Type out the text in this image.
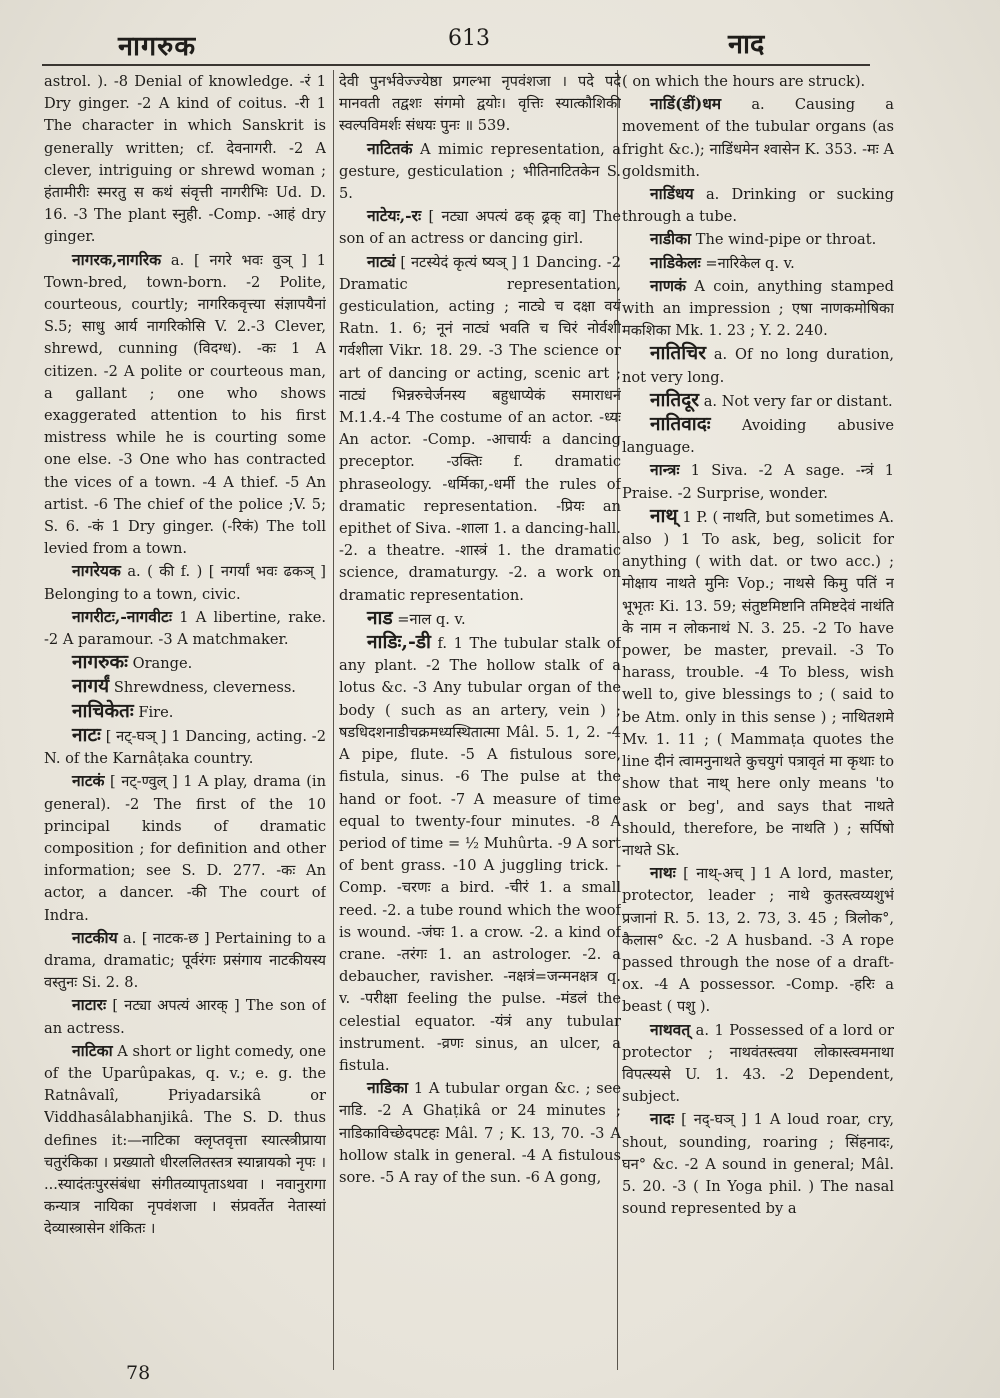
नागरुक	613	नाद

astrol. ). -8 Denial of knowledge. -रं 1 Dry ginger. -2 A kind of coitus. -री 1 The character in which Sanskrit is generally written; cf. देवनागरी. -2 A clever, intriguing or shrewd woman ; हंतामीरीः स्मरतु स कथं संवृत्ती नागरीभिः Ud. D. 16. -3 The plant स्नुही. -Comp. -आहं dry ginger.

नागरक,नागरिक a. [ नगरे भवः वुञ् ] 1 Town-bred, town-born. -2 Polite, courteous, courtly; नागरिकवृत्त्या संज्ञापयैनां S.5; साधु आर्य नागरिकोसि V. 2.-3 Clever, shrewd, cunning (विदग्ध). -कः 1 A citizen. -2 A polite or courteous man, a gallant ; one who shows exaggerated attention to his first mistress while he is courting some one else. -3 One who has contracted the vices of a town. -4 A thief. -5 An artist. -6 The chief of the police ;V. 5; S. 6. -कं 1 Dry ginger. (-रिकं) The toll levied from a town.

नागरेयक a. ( की f. ) [ नगर्यां भवः ढकञ् ] Belonging to a town, civic.

नागरीटः,-नागवीटः 1 A libertine, rake. -2 A paramour. -3 A matchmaker.

नागरुकः Orange.

नागर्यं Shrewdness, cleverness.

नाचिकेतः Fire.

नाटः [ नट्-घञ् ] 1 Dancing, acting. -2 N. of the Karnâṭaka country.

नाटकं [ नट्-ण्वुल् ] 1 A play, drama (in general). -2 The first of the 10 principal kinds of dramatic composition ; for definition and other information; see S. D. 277. -कः An actor, a dancer. -की The court of Indra.

नाटकीय a. [ नाटक-छ ] Pertaining to a drama, dramatic; पूर्वरंगः प्रसंगाय नाटकीयस्य वस्तुनः Si. 2. 8.

नाटारः [ नट्या अपत्यं आरक् ] The son of an actress.

नाटिका A short or light comedy, one of the Uparûpakas, q. v.; e. g. the Ratnâvalî, Priyadarsikâ or Viddhasâlabhanjikâ. The S. D. thus defines it:—नाटिका क्लृप्तवृत्ता स्यात्स्त्रीप्राया चतुरंकिका । प्रख्यातो धीरललितस्तत्र स्यान्नायको नृपः । ...स्यादंतःपुरसंबंधा संगीतव्यापृताऽथवा । नवानुरागा कन्यात्र नायिका नृपवंशजा । संप्रवर्तेत नेतास्यां देव्यास्त्रासेन शंकितः ।

देवी पुनर्भवेज्ज्येष्ठा प्रगल्भा नृपवंशजा । पदे पदे मानवती तद्वशः संगमो द्वयोः। वृत्तिः स्यात्कौशिकी स्वल्पविमर्शः संधयः पुनः ॥ 539.

नाटितकं A mimic representation, a gesture, gesticulation ; भीतिनाटितकेन S. 5.

नाटेयः,-रः [ नट्या अपत्यं ढक् ढ्रक् वा] The son of an actress or dancing girl.

नाट्यं [ नटस्येदं कृत्यं ष्यञ् ] 1 Dancing. -2 Dramatic representation, gesticulation, acting ; नाट्ये च दक्षा वयं Ratn. 1. 6; नूनं नाट्यं भवति च चिरं नोर्वशी गर्वशीला Vikr. 18. 29. -3 The science or art of dancing or acting, scenic art ; नाट्यं भिन्नरुचेर्जनस्य बहुधाप्येकं समाराधनं M.1.4.-4 The costume of an actor. -ध्यः An actor. -Comp. -आचार्यः a dancing preceptor. -उक्तिः f. dramatic phraseology. -धर्मिका,-धर्मी the rules of dramatic representation. -प्रियः an epithet of Siva. -शाला 1. a dancing-hall. -2. a theatre. -शास्त्रं 1. the dramatic science, dramaturgy. -2. a work on dramatic representation.

नाड =नाल q. v.

नाडिः,-डी f. 1 The tubular stalk of any plant. -2 The hollow stalk of a lotus &c. -3 Any tubular organ of the body ( such as an artery, vein ) ; षडधिदशनाडीचक्रमध्यस्थितात्मा Mâl. 5. 1, 2. -4 A pipe, flute. -5 A fistulous sore, fistula, sinus. -6 The pulse at the hand or foot. -7 A measure of time equal to twenty-four minutes. -8 A period of time = ½ Muhûrta. -9 A sort of bent grass. -10 A juggling trick. -Comp. -चरणः a bird. -चीरं 1. a small reed. -2. a tube round which the woof is wound. -जंघः 1. a crow. -2. a kind of crane. -तरंगः 1. an astrologer. -2. a debaucher, ravisher. -नक्षत्रं=जन्मनक्षत्र q. v. -परीक्षा feeling the pulse. -मंडलं the celestial equator. -यंत्रं any tubular instrument. -व्रणः sinus, an ulcer, a fistula.

नाडिका 1 A tubular organ &c. ; see नाडि. -2 A Ghaṭikâ or 24 minutes ; नाडिकाविच्छेदपटहः Mâl. 7 ; K. 13, 70. -3 A hollow stalk in general. -4 A fistulous sore. -5 A ray of the sun. -6 A gong,

( on which the hours are struck).

नाडिं(डीं)धम a. Causing a movement of the tubular organs (as fright &c.); नाडिंधमेन श्वासेन K. 353. -मः A goldsmith.

नाडिंधय a. Drinking or sucking through a tube.

नाडीका The wind-pipe or throat.

नाडिकेलः =नारिकेल q. v.

नाणकं A coin, anything stamped with an impression ; एषा नाणकमोषिका मकशिका Mk. 1. 23 ; Y. 2. 240.

नातिचिर a. Of no long duration, not very long.

नातिदूर a. Not very far or distant.

नातिवादः Avoiding abusive language.

नान्त्रः 1 Siva. -2 A sage. -न्त्रं 1 Praise. -2 Surprise, wonder.

नाथ् 1 P. ( नाथति, but sometimes A. also ) 1 To ask, beg, solicit for anything ( with dat. or two acc.) ; मोक्षाय नाथते मुनिः Vop.; नाथसे किमु पतिं न भूभृतः Ki. 13. 59; संतुष्टमिष्टानि तमिष्टदेवं नाथंति के नाम न लोकनाथं N. 3. 25. -2 To have power, be master, prevail. -3 To harass, trouble. -4 To bless, wish well to, give blessings to ; ( said to be Atm. only in this sense ) ; नाथितशमे Mv. 1. 11 ; ( Mammaṭa quotes the line दीनं त्वामनुनाथते कुचयुगं पत्रावृतं मा कृथाः to show that नाथ् here only means 'to ask or beg', and says that नाथते should, therefore, be नाथति ) ; सर्पिषो नाथते Sk.

नाथः [ नाथ्-अच् ] 1 A lord, master, protector, leader ; नाथे कुतस्त्वय्यशुभं प्रजानां R. 5. 13, 2. 73, 3. 45 ; त्रिलोक°, कैलास° &c. -2 A husband. -3 A rope passed through the nose of a draft-ox. -4 A possessor. -Comp. -हरिः a beast ( पशु ).

नाथवत् a. 1 Possessed of a lord or protector ; नाथवंतस्त्वया लोकास्त्वमनाथा विपत्स्यसे U. 1. 43. -2 Dependent, subject.

नादः [ नद्-घञ् ] 1 A loud roar, cry, shout, sounding, roaring ; सिंहनादः, घन° &c. -2 A sound in general; Mâl. 5. 20. -3 ( In Yoga phil. ) The nasal sound represented by a

78
